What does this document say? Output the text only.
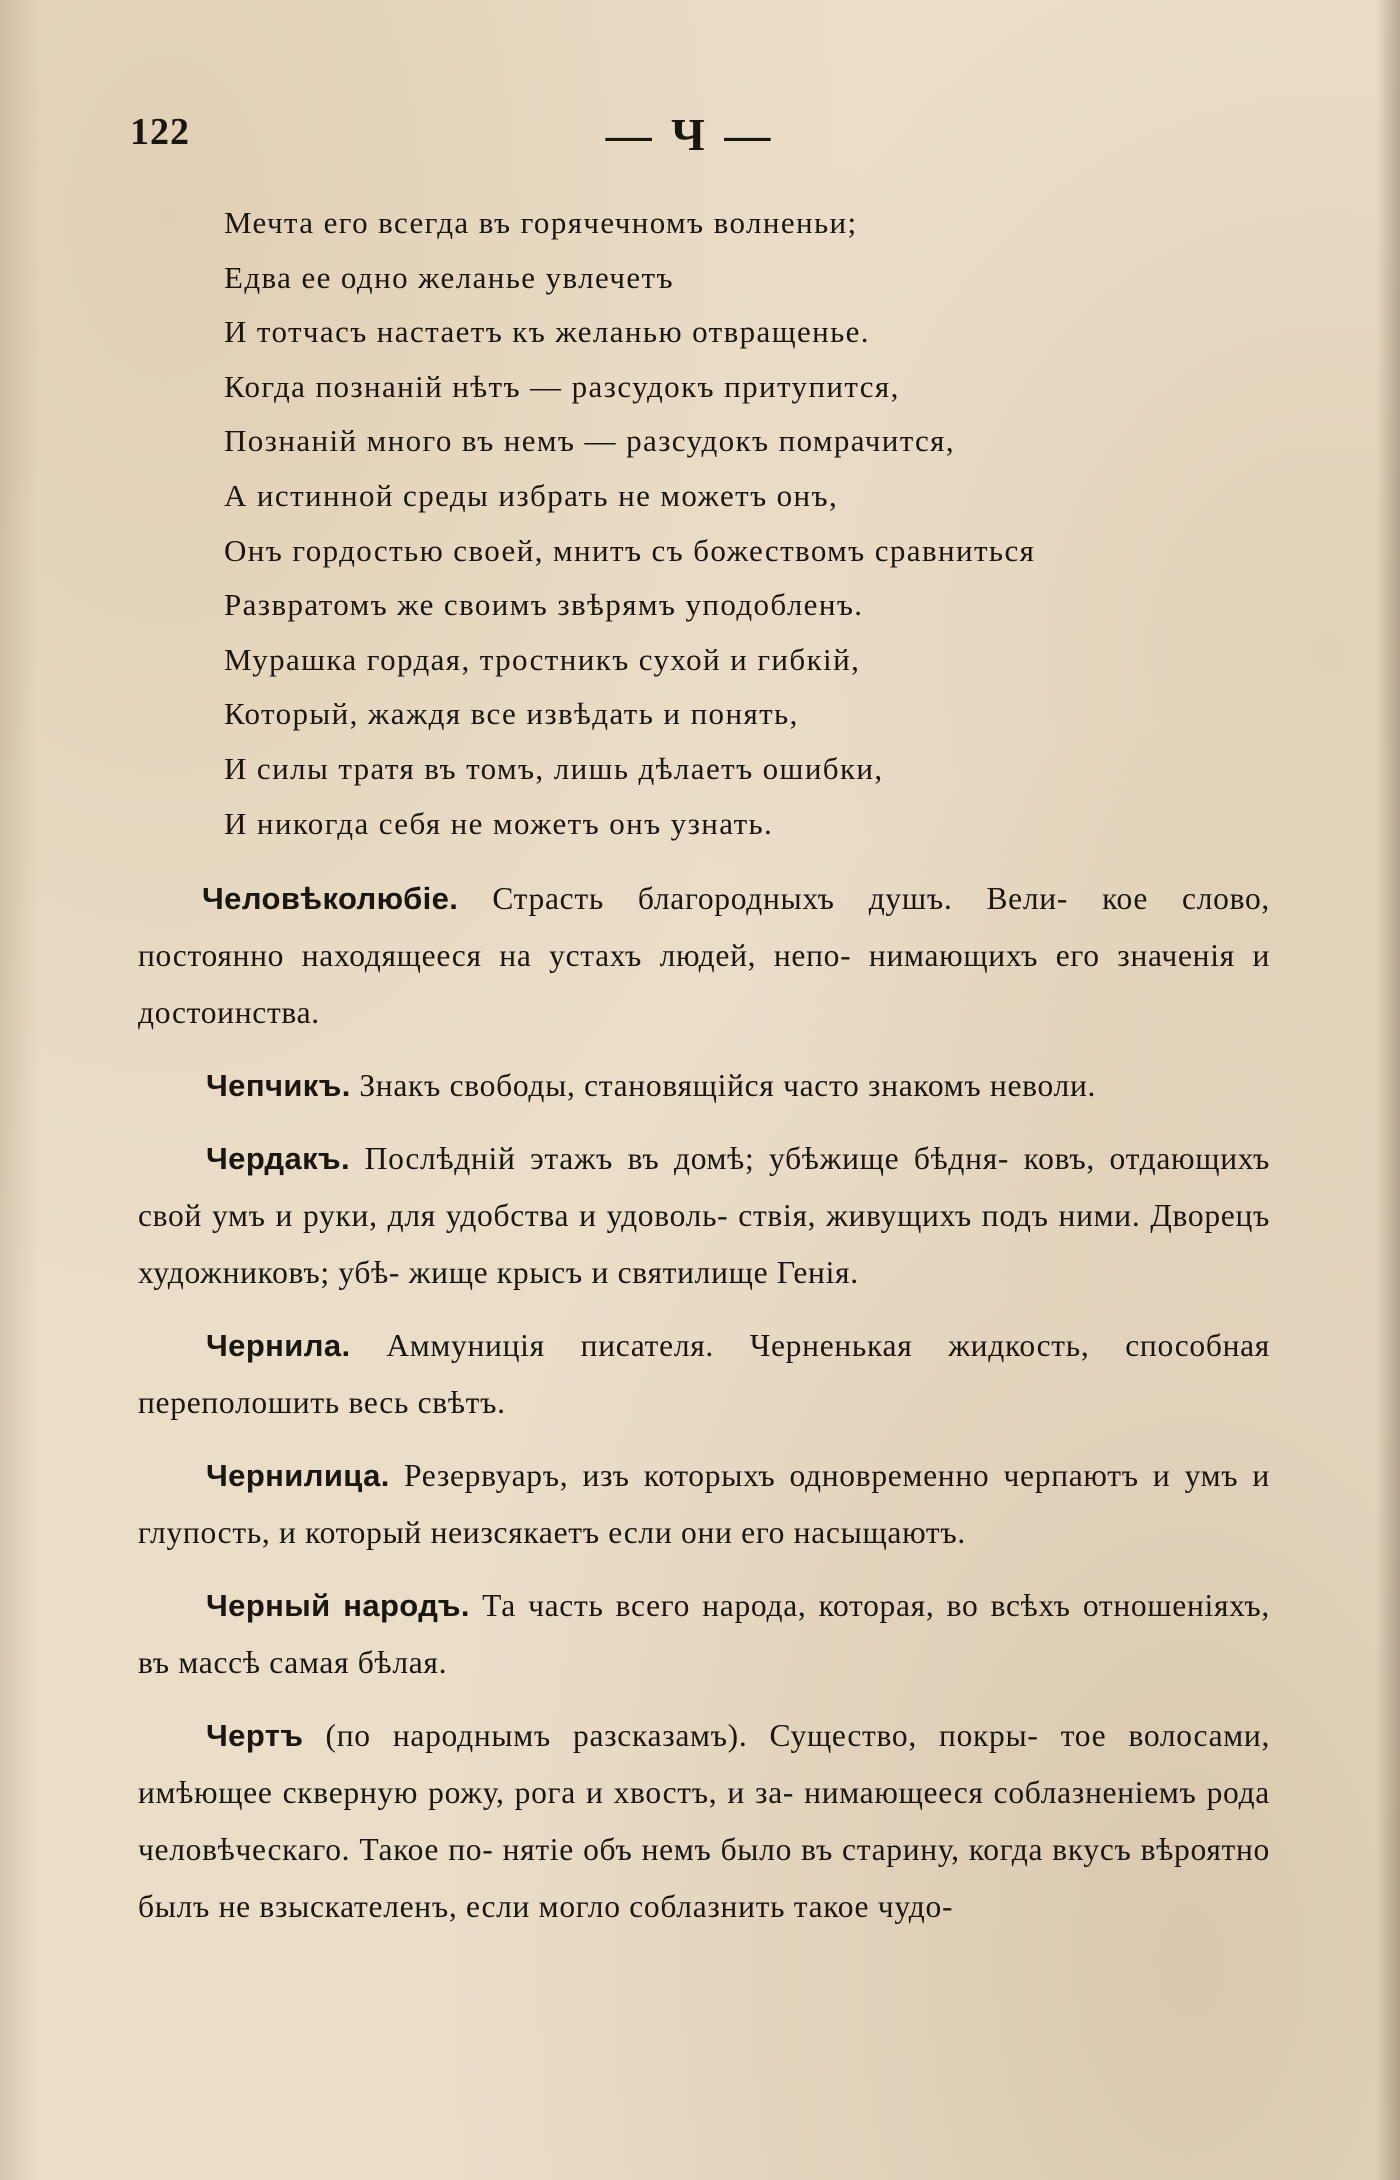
122	— Ч —
Мечта его всегда въ горячечномъ волненьи;
Едва ее одно желанье увлечетъ
И тотчасъ настаетъ къ желанью отвращенье.
Когда познаній нѣтъ — разсудокъ притупится,
Познаній много въ немъ — разсудокъ помрачится,
А истинной среды избрать не можетъ онъ,
Онъ гордостью своей, мнитъ съ божествомъ сравниться
Развратомъ же своимъ звѣрямъ уподобленъ.
Мурашка гордая, тростникъ сухой и гибкій,
Который, жаждя все извѣдать и понять,
И силы тратя въ томъ, лишь дѣлаетъ ошибки,
И никогда себя не можетъ онъ узнать.

Человѣколюбіе. Страсть благородныхъ душъ. Вели- кое слово, постоянно находящееся на устахъ людей, непо- нимающихъ его значенія и достоинства.

Чепчикъ. Знакъ свободы, становящійся часто знакомъ неволи.

Чердакъ. Послѣдній этажъ въ домѣ; убѣжище бѣдня- ковъ, отдающихъ свой умъ и руки, для удобства и удоволь- ствія, живущихъ подъ ними. Дворецъ художниковъ; убѣ- жище крысъ и святилище Генія.

Чернила. Аммуниція писателя. Черненькая жидкость, способная переполошить весь свѣтъ.

Чернилица. Резервуаръ, изъ которыхъ одновременно черпаютъ и умъ и глупость, и который неизсякаетъ если они его насыщаютъ.

Черный народъ. Та часть всего народа, которая, во всѣхъ отношеніяхъ, въ массѣ самая бѣлая.

Чертъ (по народнымъ разсказамъ). Существо, покры- тое волосами, имѣющее скверную рожу, рога и хвостъ, и за- нимающееся соблазненіемъ рода человѣческаго. Такое по- нятіе объ немъ было въ старину, когда вкусъ вѣроятно былъ не взыскателенъ, если могло соблазнить такое чудо-
